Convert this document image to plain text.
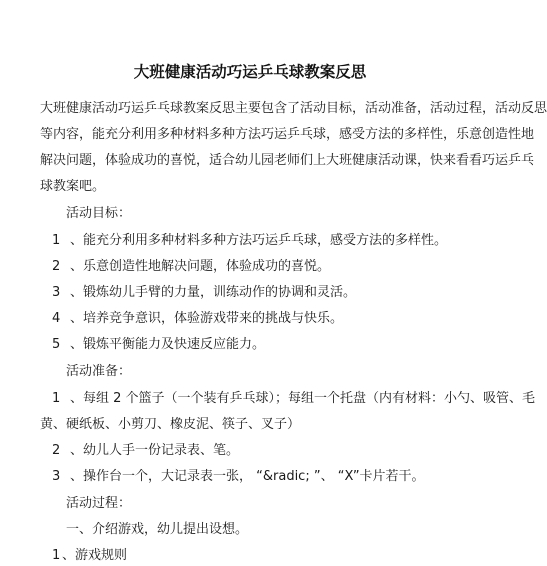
大班健康活动巧运乒乓球教案反思
大班健康活动巧运乒乓球教案反思主要包含了活动目标，活动准备，活动过程， 活动反思
等内容， 能充分利用多种材料多种方法巧运乒乓球， 感受方法的多样性， 乐意创造性地
解决问题， 体验成功的喜悦， 适合幼儿园老师们上大班健康活动课， 快来看看巧运乒乓
球教案吧。
活动目标：
1 、能充分利用多种材料多种方法巧运乒乓球，感受方法的多样性。
2 、乐意创造性地解决问题，体验成功的喜悦。
3 、锻炼幼儿手臂的力量，训练动作的协调和灵活。
4 、培养竞争意识，体验游戏带来的挑战与快乐。
5 、锻炼平衡能力及快速反应能力。
活动准备：
1 、每组 2 个篮子（一个装有乒乓球）；每组一个托盘（内有材料：小勺、吸 管、毛
黄、硬纸板、小剪刀、橡皮泥、筷子、叉子）
2 、幼儿人手一份记录表、笔。
3 、操作台一个，大记录表一张， “&radic; ”、 “X”卡片若干。
活动过程：
一、介绍游戏，幼儿提出设想。
1 、游戏规则
